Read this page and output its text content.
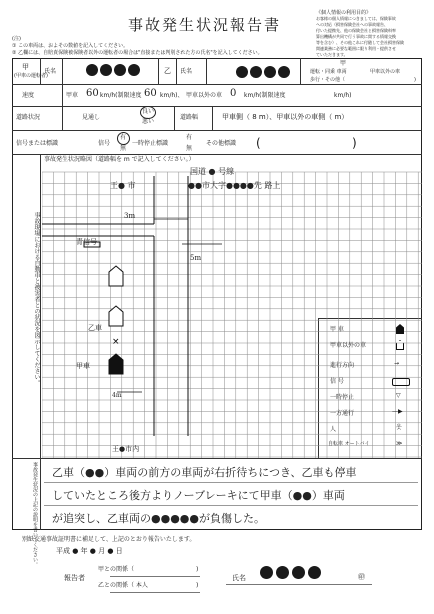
事故発生状況報告書
(注)
① この車両は、およその数値を記入してください。
② 乙欄には、自賠責保険被保険者以外の運転者の場合は"直接または判別された方の氏名"を記入してください。
《個人情報の利用目的》
お客様の個人情報につきましては、保険事故
への対応（損害保険会社への事故報告、
付いた提携先、他の保険会社と損害保険料率
算出機構が共同で行う事故に関する情報交換
等を含む）、その他これに付随して会社損害保険
関連業務に必要な範囲に限り利用・提供させ
ていただきます。
甲
(甲車の運転者)
氏名	乙 氏名
甲
運転・同乗 車両	甲車以外の車
歩行・その他（	)
速度	甲車 60 km/h(制限速度 60 km/h)、 甲車以外の車 0 km/h(制限速度	km/h)
道路状況	見通し
良い
悪い
道路幅	甲車側（ 8 m）、甲車以外の車側（ m）
信号または標識	信号
有
無
一時停止標識
有
無
その他標識 (	)
事故現場における自動車と被害者との状況を図示してください。
事故発生状況略図（道路幅を m で記入してください。）
×
国道 ● 号線
王● 市	●●市大字●●●●先 路上
3m
5m
4m
青信号
乙車
甲車
王●市内
甲 車
甲車以外の車
進行方向	→
信 号
一時停止	▽
一方通行	—▶
人	옷
自転車 オートバイ	≫
事故発生状況の上記の説明を書いてください。 乙車（●●）車両の前方の車両が右折待ちにつき、乙車も停車
していたところ後方よりノーブレーキにて甲車（●●）車両
が追突し、乙車両の●●●●●が負傷した。
別紙交通事故証明書に補足して、上記のとおり報告いたします。
平成 ● 年 ● 月 ● 日
報告者
甲との関係（	)
乙との関係（ 本人	)
氏名	㊞
